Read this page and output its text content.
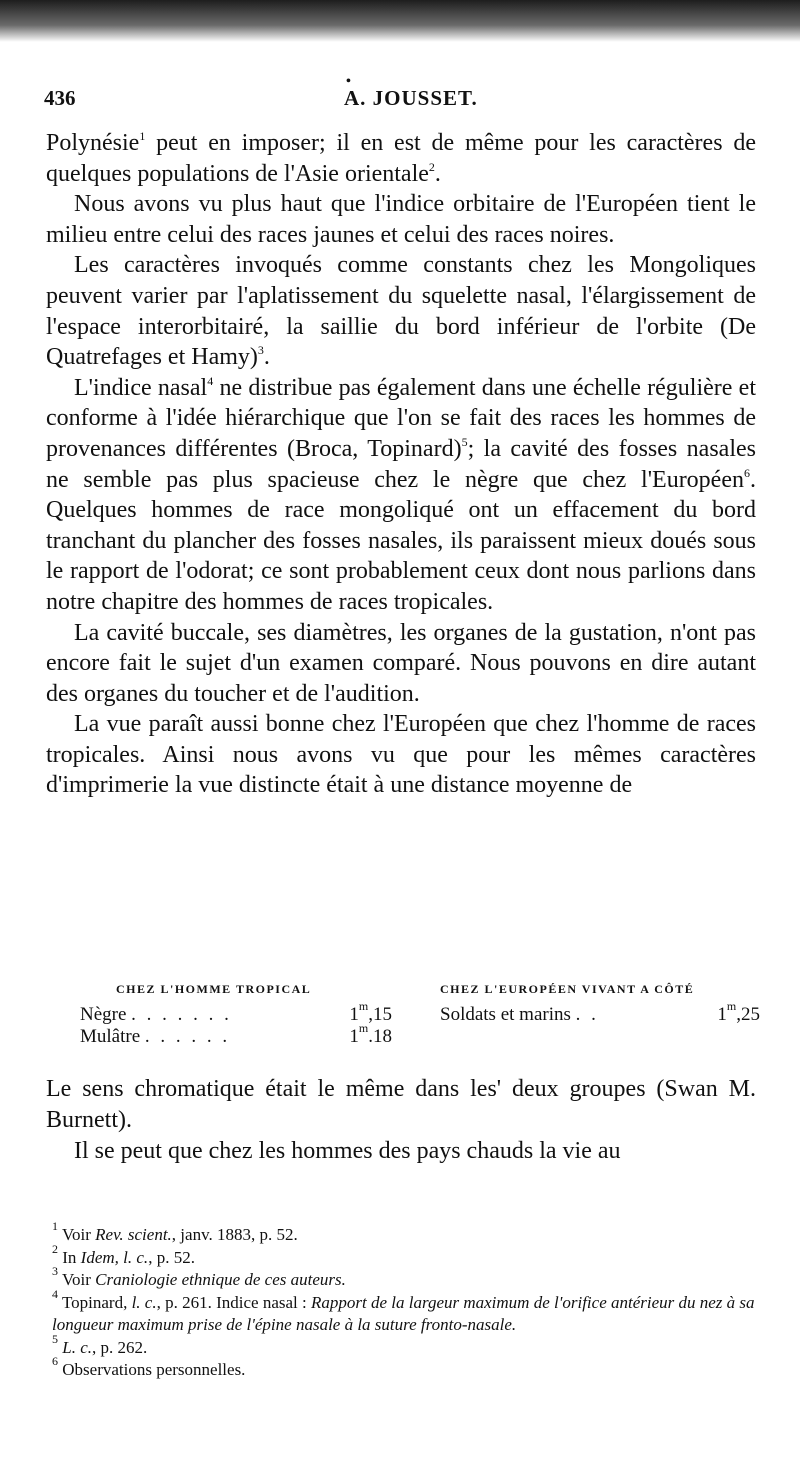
436
•
A. JOUSSET.

Polynésie$^1$ peut en imposer; il en est de même pour les caractères de quelques populations de l'Asie orientale$^2$.

Nous avons vu plus haut que l'indice orbitaire de l'Européen tient le milieu entre celui des races jaunes et celui des races noires.

Les caractères invoqués comme constants chez les Mongoliques peuvent varier par l'aplatissement du squelette nasal, l'élargissement de l'espace interorbitairé, la saillie du bord inférieur de l'orbite (De Quatrefages et Hamy)$^3$.

L'indice nasal$^4$ ne distribue pas également dans une échelle régulière et conforme à l'idée hiérarchique que l'on se fait des races les hommes de provenances différentes (Broca, Topinard)$^5$; la cavité des fosses nasales ne semble pas plus spacieuse chez le nègre que chez l'Européen$^6$. Quelques hommes de race mongoliqué ont un effacement du bord tranchant du plancher des fosses nasales, ils paraissent mieux doués sous le rapport de l'odorat; ce sont probablement ceux dont nous parlions dans notre chapitre des hommes de races tropicales.

La cavité buccale, ses diamètres, les organes de la gustation, n'ont pas encore fait le sujet d'un examen comparé. Nous pouvons en dire autant des organes du toucher et de l'audition.

La vue paraît aussi bonne chez l'Européen que chez l'homme de races tropicales. Ainsi nous avons vu que pour les mêmes caractères d'imprimerie la vue distincte était à une distance moyenne de

CHEZ L'HOMME TROPICAL
Nègre . . . . . . .	1$^m$,15
Mulâtre . . . . . .	1$^m$.18
CHEZ L'EUROPÉEN VIVANT A CÔTÉ
Soldats et marins . .	1$^m$,25

Le sens chromatique était le même dans les' deux groupes (Swan M. Burnett).

Il se peut que chez les hommes des pays chauds la vie au

$^1$ Voir Rev. scient., janv. 1883, p. 52.
$^2$ In Idem, l. c., p. 52.
$^3$ Voir Craniologie ethnique de ces auteurs.
$^4$ Topinard, l. c., p. 261. Indice nasal : Rapport de la largeur maximum de l'orifice antérieur du nez à sa longueur maximum prise de l'épine nasale à la suture fronto-nasale.
$^5$ L. c., p. 262.
$^6$ Observations personnelles.
